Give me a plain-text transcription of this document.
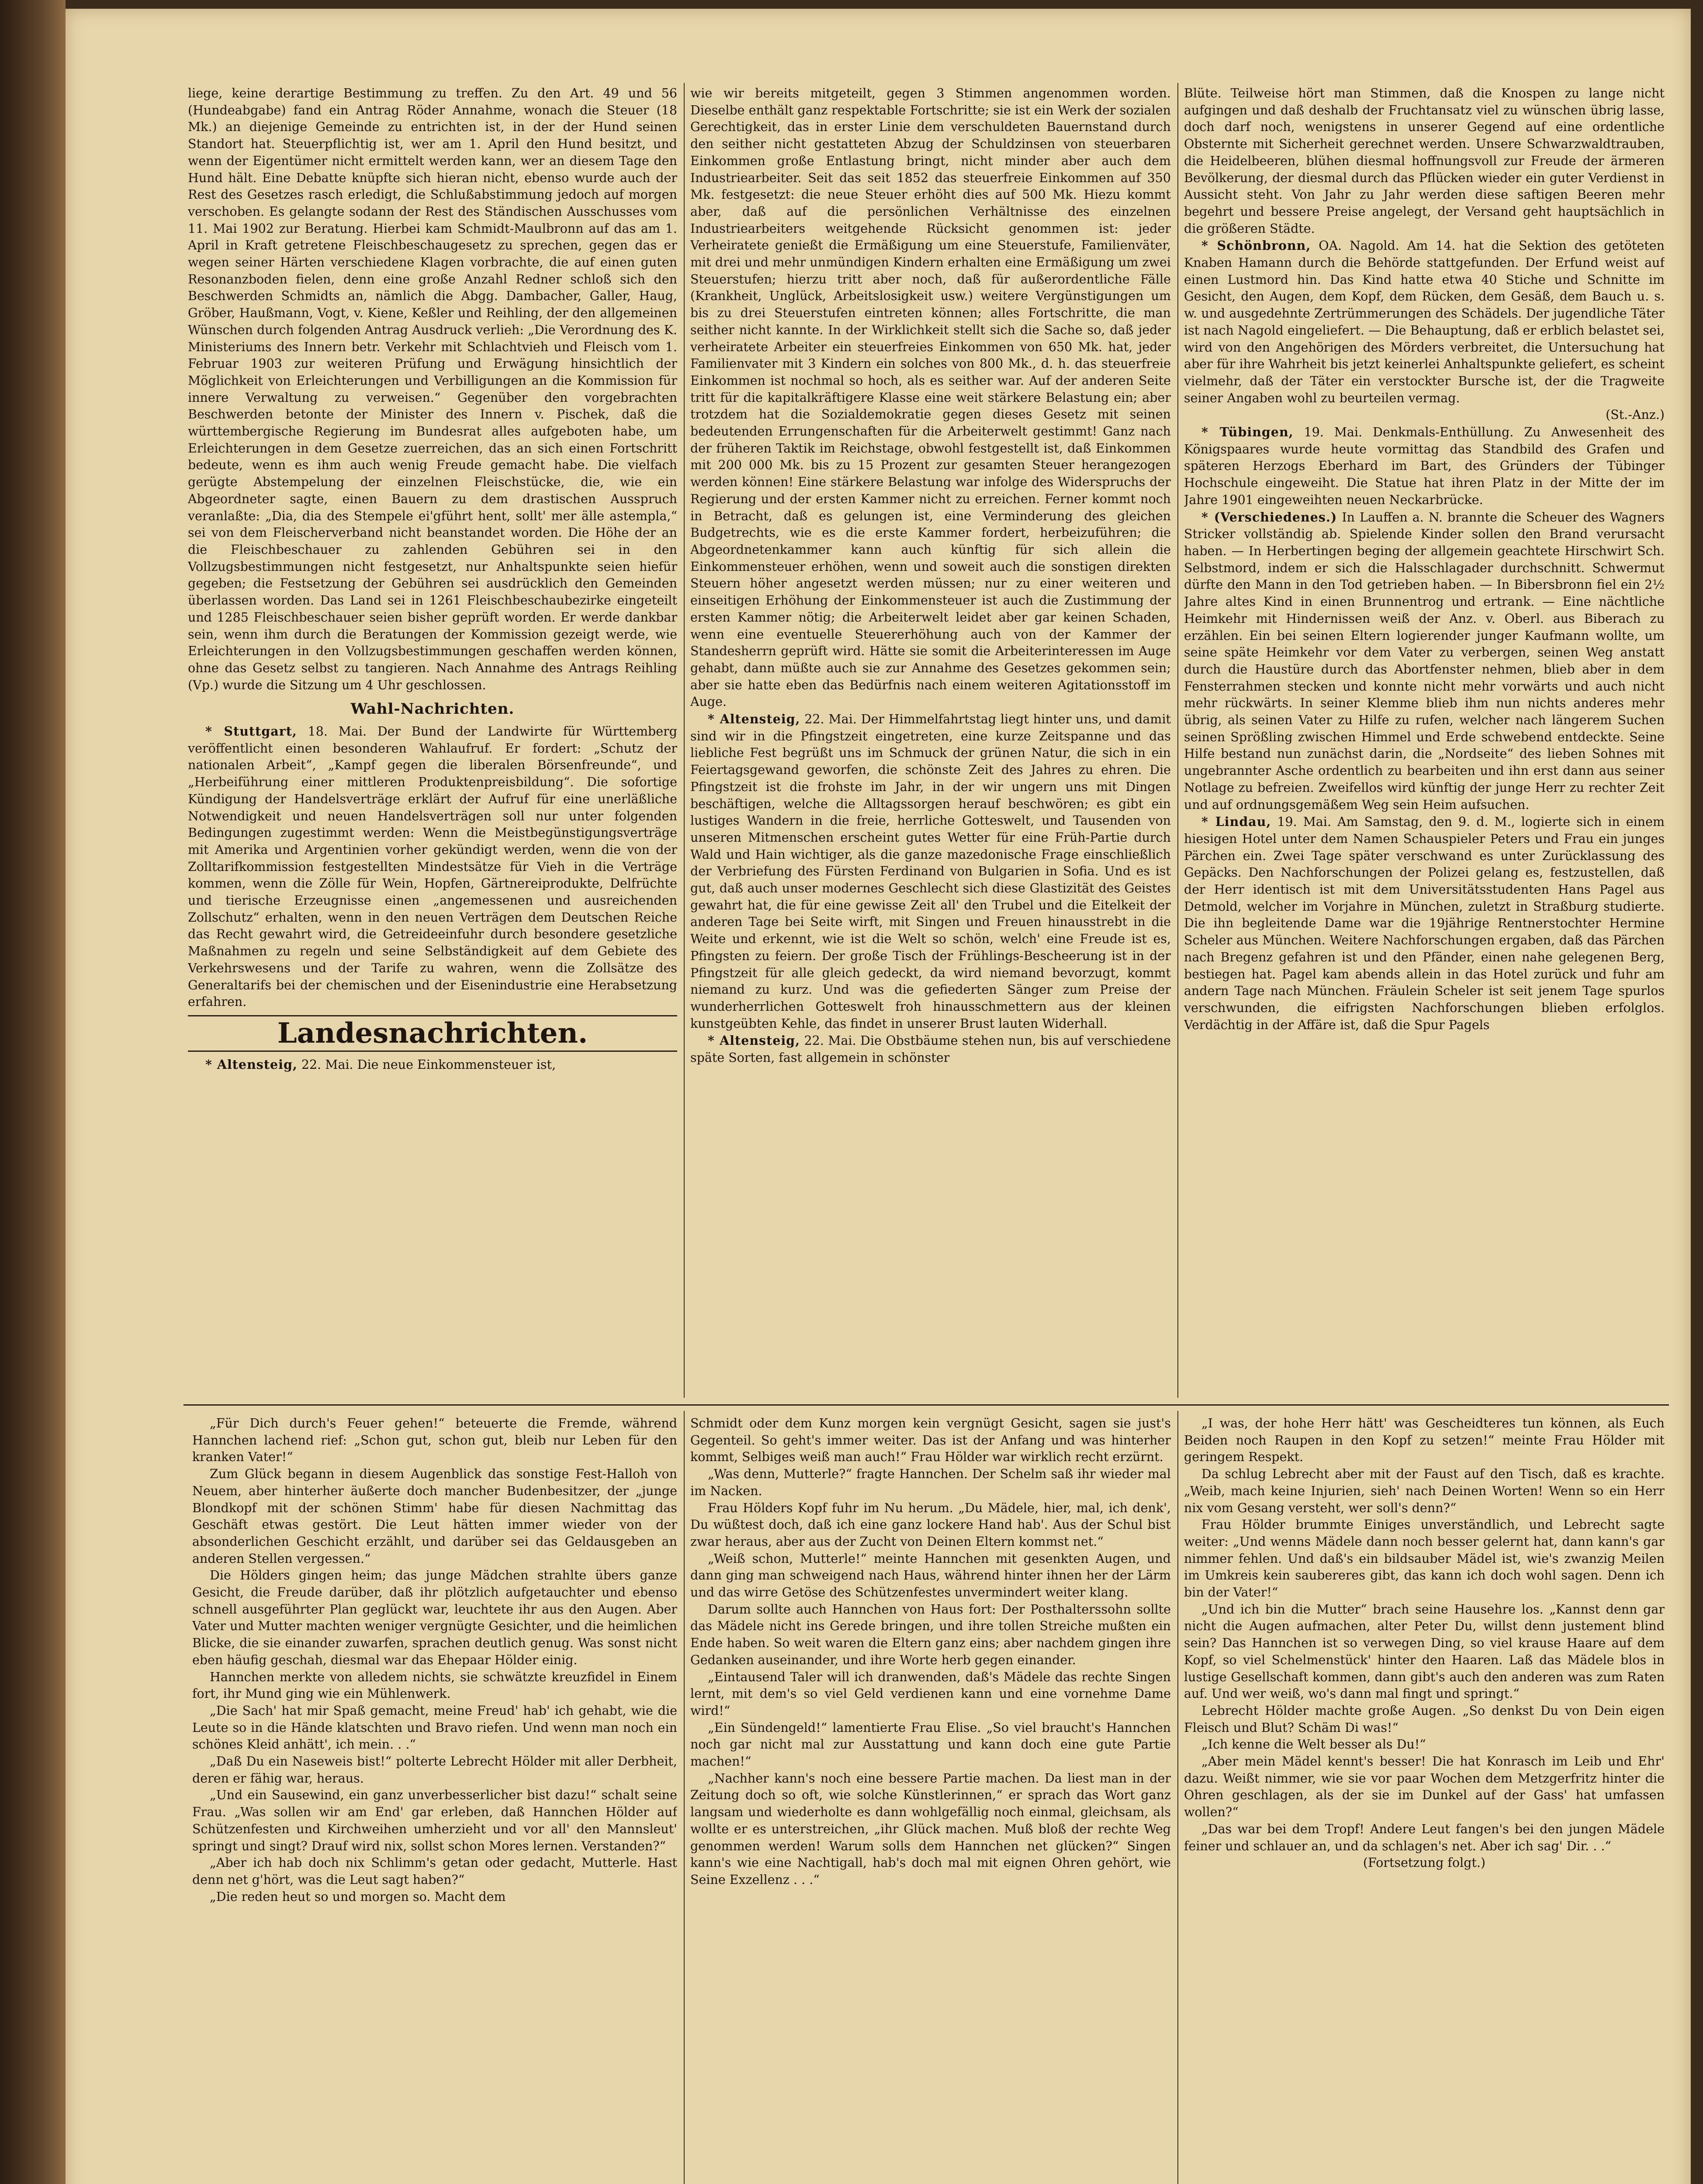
liege, keine derartige Bestimmung zu treffen. Zu den Art. 49 und 56 (Hundeabgabe) fand ein Antrag Röder Annahme, wonach die Steuer (18 Mk.) an diejenige Gemeinde zu entrichten ist, in der der Hund seinen Standort hat. Steuerpflichtig ist, wer am 1. April den Hund besitzt, und wenn der Eigentümer nicht ermittelt werden kann, wer an diesem Tage den Hund hält. Eine Debatte knüpfte sich hieran nicht, ebenso wurde auch der Rest des Gesetzes rasch erledigt, die Schlußabstimmung jedoch auf morgen verschoben. Es gelangte sodann der Rest des Ständischen Ausschusses vom 11. Mai 1902 zur Beratung. Hierbei kam Schmidt-Maulbronn auf das am 1. April in Kraft getretene Fleischbeschaugesetz zu sprechen, gegen das er wegen seiner Härten verschiedene Klagen vorbrachte, die auf einen guten Resonanzboden fielen, denn eine große Anzahl Redner schloß sich den Beschwerden Schmidts an, nämlich die Abgg. Dambacher, Galler, Haug, Gröber, Haußmann, Vogt, v. Kiene, Keßler und Reihling, der den allgemeinen Wünschen durch folgenden Antrag Ausdruck verlieh: „Die Verordnung des K. Ministeriums des Innern betr. Verkehr mit Schlachtvieh und Fleisch vom 1. Februar 1903 zur weiteren Prüfung und Erwägung hinsichtlich der Möglichkeit von Erleichterungen und Verbilligungen an die Kommission für innere Verwaltung zu verweisen.“ Gegenüber den vorgebrachten Beschwerden betonte der Minister des Innern v. Pischek, daß die württembergische Regierung im Bundesrat alles aufgeboten habe, um Erleichterungen in dem Gesetze zuerreichen, das an sich einen Fortschritt bedeute, wenn es ihm auch wenig Freude gemacht habe. Die vielfach gerügte Abstempelung der einzelnen Fleischstücke, die, wie ein Abgeordneter sagte, einen Bauern zu dem drastischen Ausspruch veranlaßte: „Dia, dia des Stempele ei'gführt hent, sollt' mer älle astempla,“ sei von dem Fleischerverband nicht beanstandet worden. Die Höhe der an die Fleischbeschauer zu zahlenden Gebühren sei in den Vollzugsbestimmungen nicht festgesetzt, nur Anhaltspunkte seien hiefür gegeben; die Festsetzung der Gebühren sei ausdrücklich den Gemeinden überlassen worden. Das Land sei in 1261 Fleischbeschaubezirke eingeteilt und 1285 Fleischbeschauer seien bisher geprüft worden. Er werde dankbar sein, wenn ihm durch die Beratungen der Kommission gezeigt werde, wie Erleichterungen in den Vollzugsbestimmungen geschaffen werden können, ohne das Gesetz selbst zu tangieren. Nach Annahme des Antrags Reihling (Vp.) wurde die Sitzung um 4 Uhr geschlossen.

Wahl-Nachrichten.

* Stuttgart, 18. Mai. Der Bund der Landwirte für Württemberg veröffentlicht einen besonderen Wahlaufruf. Er fordert: „Schutz der nationalen Arbeit“, „Kampf gegen die liberalen Börsenfreunde“, und „Herbeiführung einer mittleren Produktenpreisbildung“. Die sofortige Kündigung der Handelsverträge erklärt der Aufruf für eine unerläßliche Notwendigkeit und neuen Handelsverträgen soll nur unter folgenden Bedingungen zugestimmt werden: Wenn die Meistbegünstigungsverträge mit Amerika und Argentinien vorher gekündigt werden, wenn die von der Zolltarifkommission festgestellten Mindestsätze für Vieh in die Verträge kommen, wenn die Zölle für Wein, Hopfen, Gärtnereiprodukte, Delfrüchte und tierische Erzeugnisse einen „angemessenen und ausreichenden Zollschutz“ erhalten, wenn in den neuen Verträgen dem Deutschen Reiche das Recht gewahrt wird, die Getreideeinfuhr durch besondere gesetzliche Maßnahmen zu regeln und seine Selbständigkeit auf dem Gebiete des Verkehrswesens und der Tarife zu wahren, wenn die Zollsätze des Generaltarifs bei der chemischen und der Eisenindustrie eine Herabsetzung erfahren.

Landesnachrichten.

* Altensteig, 22. Mai. Die neue Einkommensteuer ist,

wie wir bereits mitgeteilt, gegen 3 Stimmen angenommen worden. Dieselbe enthält ganz respektable Fortschritte; sie ist ein Werk der sozialen Gerechtigkeit, das in erster Linie dem verschuldeten Bauernstand durch den seither nicht gestatteten Abzug der Schuldzinsen von steuerbaren Einkommen große Entlastung bringt, nicht minder aber auch dem Industriearbeiter. Seit das seit 1852 das steuerfreie Einkommen auf 350 Mk. festgesetzt: die neue Steuer erhöht dies auf 500 Mk. Hiezu kommt aber, daß auf die persönlichen Verhältnisse des einzelnen Industriearbeiters weitgehende Rücksicht genommen ist: jeder Verheiratete genießt die Ermäßigung um eine Steuerstufe, Familienväter, mit drei und mehr unmündigen Kindern erhalten eine Ermäßigung um zwei Steuerstufen; hierzu tritt aber noch, daß für außerordentliche Fälle (Krankheit, Unglück, Arbeitslosigkeit usw.) weitere Vergünstigungen um bis zu drei Steuerstufen eintreten können; alles Fortschritte, die man seither nicht kannte. In der Wirklichkeit stellt sich die Sache so, daß jeder verheiratete Arbeiter ein steuerfreies Einkommen von 650 Mk. hat, jeder Familienvater mit 3 Kindern ein solches von 800 Mk., d. h. das steuerfreie Einkommen ist nochmal so hoch, als es seither war. Auf der anderen Seite tritt für die kapitalkräftigere Klasse eine weit stärkere Belastung ein; aber trotzdem hat die Sozialdemokratie gegen dieses Gesetz mit seinen bedeutenden Errungenschaften für die Arbeiterwelt gestimmt! Ganz nach der früheren Taktik im Reichstage, obwohl festgestellt ist, daß Einkommen mit 200 000 Mk. bis zu 15 Prozent zur gesamten Steuer herangezogen werden können! Eine stärkere Belastung war infolge des Widerspruchs der Regierung und der ersten Kammer nicht zu erreichen. Ferner kommt noch in Betracht, daß es gelungen ist, eine Verminderung des gleichen Budgetrechts, wie es die erste Kammer fordert, herbeizuführen; die Abgeordnetenkammer kann auch künftig für sich allein die Einkommensteuer erhöhen, wenn und soweit auch die sonstigen direkten Steuern höher angesetzt werden müssen; nur zu einer weiteren und einseitigen Erhöhung der Einkommensteuer ist auch die Zustimmung der ersten Kammer nötig; die Arbeiterwelt leidet aber gar keinen Schaden, wenn eine eventuelle Steuererhöhung auch von der Kammer der Standesherrn geprüft wird. Hätte sie somit die Arbeiterinteressen im Auge gehabt, dann müßte auch sie zur Annahme des Gesetzes gekommen sein; aber sie hatte eben das Bedürfnis nach einem weiteren Agitationsstoff im Auge.

* Altensteig, 22. Mai. Der Himmelfahrtstag liegt hinter uns, und damit sind wir in die Pfingstzeit eingetreten, eine kurze Zeitspanne und das liebliche Fest begrüßt uns im Schmuck der grünen Natur, die sich in ein Feiertagsgewand geworfen, die schönste Zeit des Jahres zu ehren. Die Pfingstzeit ist die frohste im Jahr, in der wir ungern uns mit Dingen beschäftigen, welche die Alltagssorgen herauf beschwören; es gibt ein lustiges Wandern in die freie, herrliche Gotteswelt, und Tausenden von unseren Mitmenschen erscheint gutes Wetter für eine Früh-Partie durch Wald und Hain wichtiger, als die ganze mazedonische Frage einschließlich der Verbriefung des Fürsten Ferdinand von Bulgarien in Sofia. Und es ist gut, daß auch unser modernes Geschlecht sich diese Glastizität des Geistes gewahrt hat, die für eine gewisse Zeit all' den Trubel und die Eitelkeit der anderen Tage bei Seite wirft, mit Singen und Freuen hinausstrebt in die Weite und erkennt, wie ist die Welt so schön, welch' eine Freude ist es, Pfingsten zu feiern. Der große Tisch der Frühlings-Bescheerung ist in der Pfingstzeit für alle gleich gedeckt, da wird niemand bevorzugt, kommt niemand zu kurz. Und was die gefiederten Sänger zum Preise der wunderherrlichen Gotteswelt froh hinausschmettern aus der kleinen kunstgeübten Kehle, das findet in unserer Brust lauten Widerhall.

* Altensteig, 22. Mai. Die Obstbäume stehen nun, bis auf verschiedene späte Sorten, fast allgemein in schönster

Blüte. Teilweise hört man Stimmen, daß die Knospen zu lange nicht aufgingen und daß deshalb der Fruchtansatz viel zu wünschen übrig lasse, doch darf noch, wenigstens in unserer Gegend auf eine ordentliche Obsternte mit Sicherheit gerechnet werden. Unsere Schwarzwaldtrauben, die Heidelbeeren, blühen diesmal hoffnungsvoll zur Freude der ärmeren Bevölkerung, der diesmal durch das Pflücken wieder ein guter Verdienst in Aussicht steht. Von Jahr zu Jahr werden diese saftigen Beeren mehr begehrt und bessere Preise angelegt, der Versand geht hauptsächlich in die größeren Städte.

* Schönbronn, OA. Nagold. Am 14. hat die Sektion des getöteten Knaben Hamann durch die Behörde stattgefunden. Der Erfund weist auf einen Lustmord hin. Das Kind hatte etwa 40 Stiche und Schnitte im Gesicht, den Augen, dem Kopf, dem Rücken, dem Gesäß, dem Bauch u. s. w. und ausgedehnte Zertrümmerungen des Schädels. Der jugendliche Täter ist nach Nagold eingeliefert. — Die Behauptung, daß er erblich belastet sei, wird von den Angehörigen des Mörders verbreitet, die Untersuchung hat aber für ihre Wahrheit bis jetzt keinerlei Anhaltspunkte geliefert, es scheint vielmehr, daß der Täter ein verstockter Bursche ist, der die Tragweite seiner Angaben wohl zu beurteilen vermag.

(St.-Anz.)

* Tübingen, 19. Mai. Denkmals-Enthüllung. Zu Anwesenheit des Königspaares wurde heute vormittag das Standbild des Grafen und späteren Herzogs Eberhard im Bart, des Gründers der Tübinger Hochschule eingeweiht. Die Statue hat ihren Platz in der Mitte der im Jahre 1901 eingeweihten neuen Neckarbrücke.

* (Verschiedenes.) In Lauffen a. N. brannte die Scheuer des Wagners Stricker vollständig ab. Spielende Kinder sollen den Brand verursacht haben. — In Herbertingen beging der allgemein geachtete Hirschwirt Sch. Selbstmord, indem er sich die Halsschlagader durchschnitt. Schwermut dürfte den Mann in den Tod getrieben haben. — In Bibersbronn fiel ein 2½ Jahre altes Kind in einen Brunnentrog und ertrank. — Eine nächtliche Heimkehr mit Hindernissen weiß der Anz. v. Oberl. aus Biberach zu erzählen. Ein bei seinen Eltern logierender junger Kaufmann wollte, um seine späte Heimkehr vor dem Vater zu verbergen, seinen Weg anstatt durch die Haustüre durch das Abortfenster nehmen, blieb aber in dem Fensterrahmen stecken und konnte nicht mehr vorwärts und auch nicht mehr rückwärts. In seiner Klemme blieb ihm nun nichts anderes mehr übrig, als seinen Vater zu Hilfe zu rufen, welcher nach längerem Suchen seinen Sprößling zwischen Himmel und Erde schwebend entdeckte. Seine Hilfe bestand nun zunächst darin, die „Nordseite“ des lieben Sohnes mit ungebrannter Asche ordentlich zu bearbeiten und ihn erst dann aus seiner Notlage zu befreien. Zweifellos wird künftig der junge Herr zu rechter Zeit und auf ordnungsgemäßem Weg sein Heim aufsuchen.

* Lindau, 19. Mai. Am Samstag, den 9. d. M., logierte sich in einem hiesigen Hotel unter dem Namen Schauspieler Peters und Frau ein junges Pärchen ein. Zwei Tage später verschwand es unter Zurücklassung des Gepäcks. Den Nachforschungen der Polizei gelang es, festzustellen, daß der Herr identisch ist mit dem Universitätsstudenten Hans Pagel aus Detmold, welcher im Vorjahre in München, zuletzt in Straßburg studierte. Die ihn begleitende Dame war die 19jährige Rentnerstochter Hermine Scheler aus München. Weitere Nachforschungen ergaben, daß das Pärchen nach Bregenz gefahren ist und den Pfänder, einen nahe gelegenen Berg, bestiegen hat. Pagel kam abends allein in das Hotel zurück und fuhr am andern Tage nach München. Fräulein Scheler ist seit jenem Tage spurlos verschwunden, die eifrigsten Nachforschungen blieben erfolglos. Verdächtig in der Affäre ist, daß die Spur Pagels

„Für Dich durch's Feuer gehen!“ beteuerte die Fremde, während Hannchen lachend rief: „Schon gut, schon gut, bleib nur Leben für den kranken Vater!“

Zum Glück begann in diesem Augenblick das sonstige Fest-Halloh von Neuem, aber hinterher äußerte doch mancher Budenbesitzer, der „junge Blondkopf mit der schönen Stimm' habe für diesen Nachmittag das Geschäft etwas gestört. Die Leut hätten immer wieder von der absonderlichen Geschicht erzählt, und darüber sei das Geldausgeben an anderen Stellen vergessen.“

Die Hölders gingen heim; das junge Mädchen strahlte übers ganze Gesicht, die Freude darüber, daß ihr plötzlich aufgetauchter und ebenso schnell ausgeführter Plan geglückt war, leuchtete ihr aus den Augen. Aber Vater und Mutter machten weniger vergnügte Gesichter, und die heimlichen Blicke, die sie einander zuwarfen, sprachen deutlich genug. Was sonst nicht eben häufig geschah, diesmal war das Ehepaar Hölder einig.

Hannchen merkte von alledem nichts, sie schwätzte kreuzfidel in Einem fort, ihr Mund ging wie ein Mühlenwerk.

„Die Sach' hat mir Spaß gemacht, meine Freud' hab' ich gehabt, wie die Leute so in die Hände klatschten und Bravo riefen. Und wenn man noch ein schönes Kleid anhätt', ich mein. . .“

„Daß Du ein Naseweis bist!“ polterte Lebrecht Hölder mit aller Derbheit, deren er fähig war, heraus.

„Und ein Sausewind, ein ganz unverbesserlicher bist dazu!“ schalt seine Frau. „Was sollen wir am End' gar erleben, daß Hannchen Hölder auf Schützenfesten und Kirchweihen umherzieht und vor all' den Mannsleut' springt und singt? Drauf wird nix, sollst schon Mores lernen. Verstanden?“

„Aber ich hab doch nix Schlimm's getan oder gedacht, Mutterle. Hast denn net g'hört, was die Leut sagt haben?“

„Die reden heut so und morgen so. Macht dem

Schmidt oder dem Kunz morgen kein vergnügt Gesicht, sagen sie just's Gegenteil. So geht's immer weiter. Das ist der Anfang und was hinterher kommt, Selbiges weiß man auch!“ Frau Hölder war wirklich recht erzürnt.

„Was denn, Mutterle?“ fragte Hannchen. Der Schelm saß ihr wieder mal im Nacken.

Frau Hölders Kopf fuhr im Nu herum. „Du Mädele, hier, mal, ich denk', Du wüßtest doch, daß ich eine ganz lockere Hand hab'. Aus der Schul bist zwar heraus, aber aus der Zucht von Deinen Eltern kommst net.“

„Weiß schon, Mutterle!“ meinte Hannchen mit gesenkten Augen, und dann ging man schweigend nach Haus, während hinter ihnen her der Lärm und das wirre Getöse des Schützenfestes unvermindert weiter klang.

Darum sollte auch Hannchen von Haus fort: Der Posthalterssohn sollte das Mädele nicht ins Gerede bringen, und ihre tollen Streiche mußten ein Ende haben. So weit waren die Eltern ganz eins; aber nachdem gingen ihre Gedanken auseinander, und ihre Worte herb gegen einander.

„Eintausend Taler will ich dranwenden, daß's Mädele das rechte Singen lernt, mit dem's so viel Geld verdienen kann und eine vornehme Dame wird!“

„Ein Sündengeld!“ lamentierte Frau Elise. „So viel braucht's Hannchen noch gar nicht mal zur Ausstattung und kann doch eine gute Partie machen!“

„Nachher kann's noch eine bessere Partie machen. Da liest man in der Zeitung doch so oft, wie solche Künstlerinnen,“ er sprach das Wort ganz langsam und wiederholte es dann wohlgefällig noch einmal, gleichsam, als wollte er es unterstreichen, „ihr Glück machen. Muß bloß der rechte Weg genommen werden! Warum solls dem Hannchen net glücken?“ Singen kann's wie eine Nachtigall, hab's doch mal mit eignen Ohren gehört, wie Seine Exzellenz . . .“

„I was, der hohe Herr hätt' was Gescheidteres tun können, als Euch Beiden noch Raupen in den Kopf zu setzen!“ meinte Frau Hölder mit geringem Respekt.

Da schlug Lebrecht aber mit der Faust auf den Tisch, daß es krachte. „Weib, mach keine Injurien, sieh' nach Deinen Worten! Wenn so ein Herr nix vom Gesang versteht, wer soll's denn?“

Frau Hölder brummte Einiges unverständlich, und Lebrecht sagte weiter: „Und wenns Mädele dann noch besser gelernt hat, dann kann's gar nimmer fehlen. Und daß's ein bildsauber Mädel ist, wie's zwanzig Meilen im Umkreis kein saubereres gibt, das kann ich doch wohl sagen. Denn ich bin der Vater!“

„Und ich bin die Mutter“ brach seine Hausehre los. „Kannst denn gar nicht die Augen aufmachen, alter Peter Du, willst denn justement blind sein? Das Hannchen ist so verwegen Ding, so viel krause Haare auf dem Kopf, so viel Schelmenstück' hinter den Haaren. Laß das Mädele blos in lustige Gesellschaft kommen, dann gibt's auch den anderen was zum Raten auf. Und wer weiß, wo's dann mal fingt und springt.“

Lebrecht Hölder machte große Augen. „So denkst Du von Dein eigen Fleisch und Blut? Schäm Di was!“

„Ich kenne die Welt besser als Du!“

„Aber mein Mädel kennt's besser! Die hat Konrasch im Leib und Ehr' dazu. Weißt nimmer, wie sie vor paar Wochen dem Metzgerfritz hinter die Ohren geschlagen, als der sie im Dunkel auf der Gass' hat umfassen wollen?“

„Das war bei dem Tropf! Andere Leut fangen's bei den jungen Mädele feiner und schlauer an, und da schlagen's net. Aber ich sag' Dir. . .“

(Fortsetzung folgt.)
